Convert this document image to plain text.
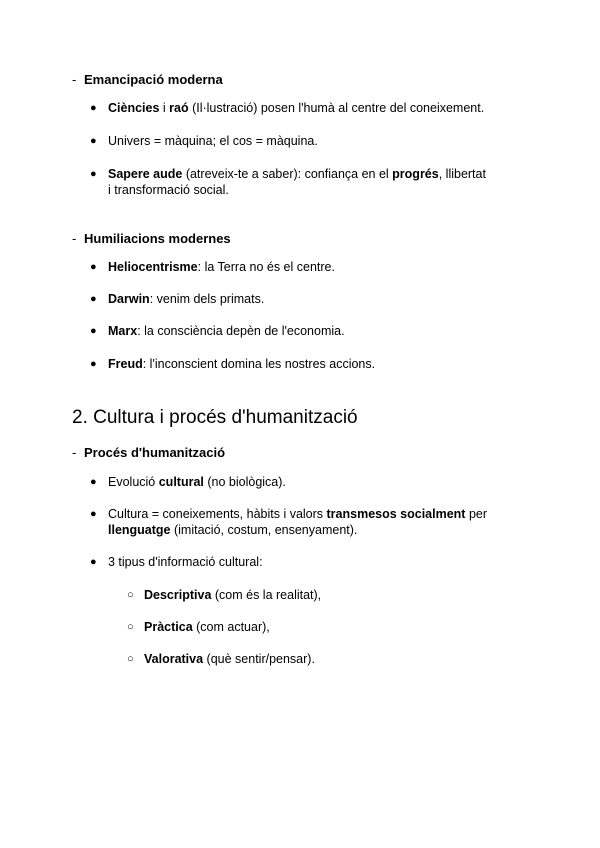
- Emancipació moderna
● Ciències i raó (Il·lustració) posen l'humà al centre del coneixement.
● Univers = màquina; el cos = màquina.
● Sapere aude (atreveix-te a saber): confiança en el progrés, llibertat i transformació social.
- Humiliacions modernes
● Heliocentrisme: la Terra no és el centre.
● Darwin: venim dels primats.
● Marx: la consciència depèn de l'economia.
● Freud: l'inconscient domina les nostres accions.
2. Cultura i procés d'humanització
- Procés d'humanització
● Evolució cultural (no biològica).
● Cultura = coneixements, hàbits i valors transmesos socialment per llenguatge (imitació, costum, ensenyament).
● 3 tipus d'informació cultural:
○ Descriptiva (com és la realitat),
○ Pràctica (com actuar),
○ Valorativa (què sentir/pensar).
